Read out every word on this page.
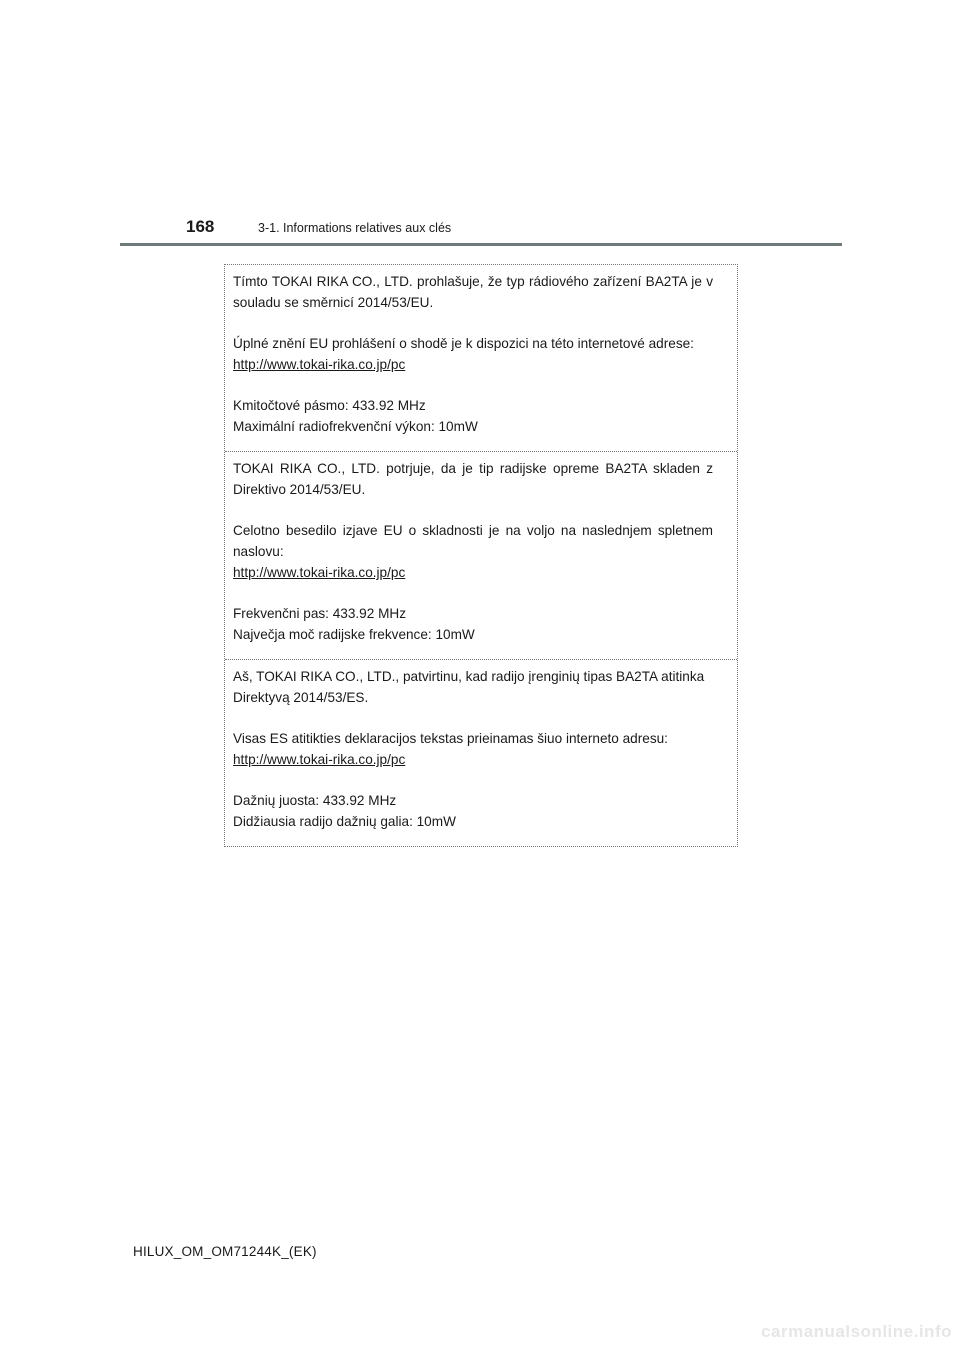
168	3-1. Informations relatives aux clés

Tímto TOKAI RIKA CO., LTD. prohlašuje, že typ rádiového zařízení BA2TA je v souladu se směrnicí 2014/53/EU.

Úplné znění EU prohlášení o shodě je k dispozici na této internetové adrese:
http://www.tokai-rika.co.jp/pc

Kmitočtové pásmo: 433.92 MHz
Maximální radiofrekvenční výkon: 10mW

TOKAI RIKA CO., LTD. potrjuje, da je tip radijske opreme BA2TA skladen z Direktivo 2014/53/EU.

Celotno besedilo izjave EU o skladnosti je na voljo na naslednjem spletnem naslovu:
http://www.tokai-rika.co.jp/pc

Frekvenčni pas: 433.92 MHz
Največja moč radijske frekvence: 10mW

Aš, TOKAI RIKA CO., LTD., patvirtinu, kad radijo įrenginių tipas BA2TA atitinka Direktyvą 2014/53/ES.

Visas ES atitikties deklaracijos tekstas prieinamas šiuo interneto adresu:
http://www.tokai-rika.co.jp/pc

Dažnių juosta: 433.92 MHz
Didžiausia radijo dažnių galia: 10mW

HILUX_OM_OM71244K_(EK)
carmanualsonline.info
